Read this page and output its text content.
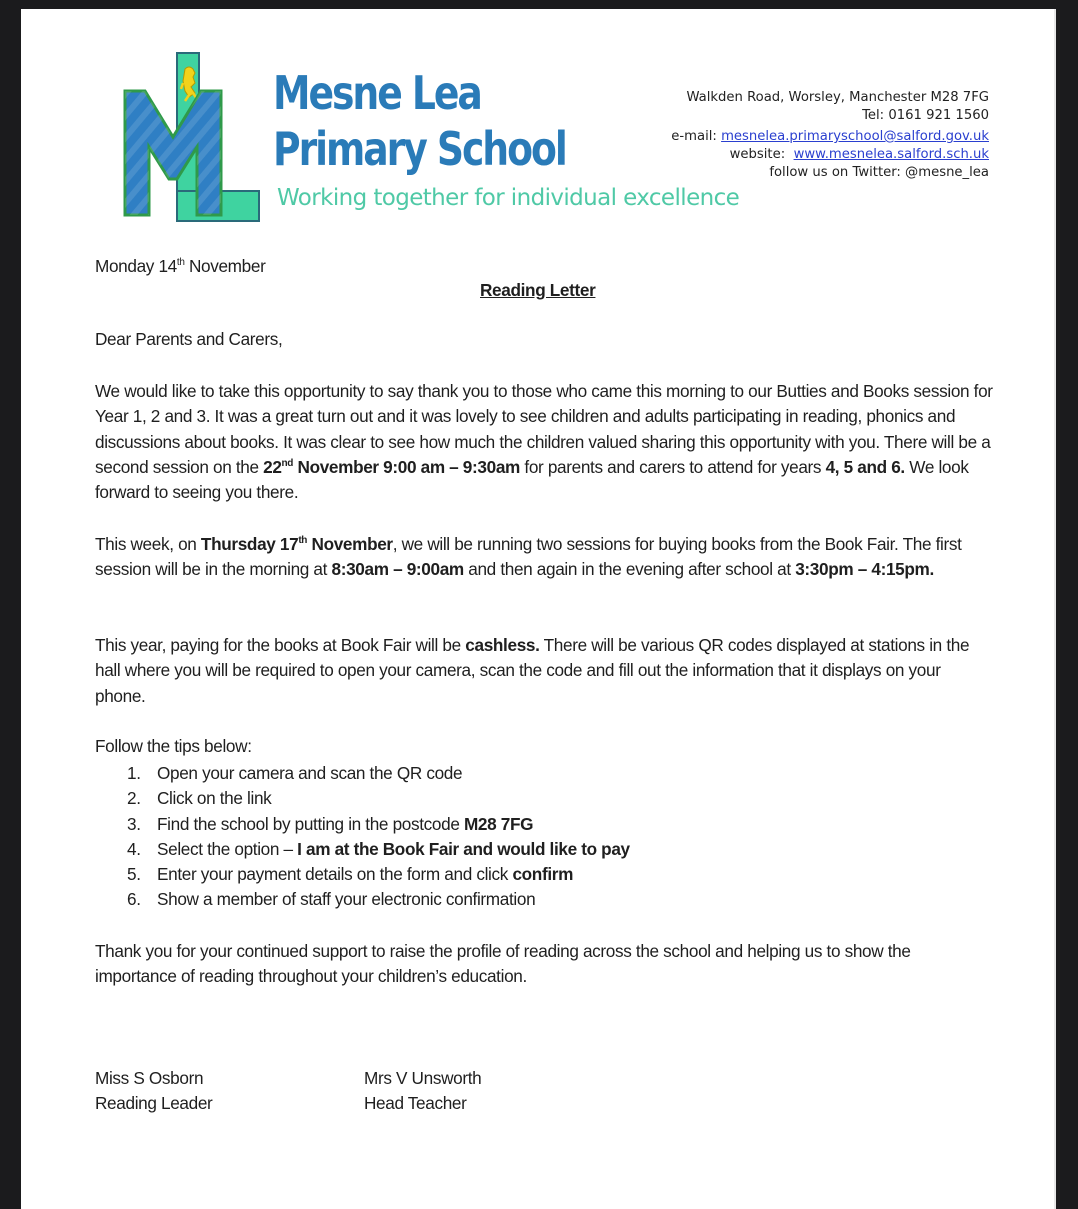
Mesne Lea
Primary School
Working together for individual excellence
Walkden Road, Worsley, Manchester M28 7FG
Tel: 0161 921 1560
e-mail: mesnelea.primaryschool@salford.gov.uk
website: www.mesnelea.salford.sch.uk
follow us on Twitter: @mesne_lea
Monday 14th November
Reading Letter
Dear Parents and Carers,
We would like to take this opportunity to say thank you to those who came this morning to our Butties and Books session for Year 1, 2 and 3. It was a great turn out and it was lovely to see children and adults participating in reading, phonics and discussions about books. It was clear to see how much the children valued sharing this opportunity with you. There will be a second session on the 22nd November 9:00 am – 9:30am for parents and carers to attend for years 4, 5 and 6. We look forward to seeing you there.
This week, on Thursday 17th November, we will be running two sessions for buying books from the Book Fair. The first session will be in the morning at 8:30am – 9:00am and then again in the evening after school at 3:30pm – 4:15pm.
This year, paying for the books at Book Fair will be cashless. There will be various QR codes displayed at stations in the hall where you will be required to open your camera, scan the code and fill out the information that it displays on your phone.
Follow the tips below:
1. Open your camera and scan the QR code
2. Click on the link
3. Find the school by putting in the postcode M28 7FG
4. Select the option – I am at the Book Fair and would like to pay
5. Enter your payment details on the form and click confirm
6. Show a member of staff your electronic confirmation
Thank you for your continued support to raise the profile of reading across the school and helping us to show the importance of reading throughout your children’s education.
Miss S Osborn
Reading Leader
Mrs V Unsworth
Head Teacher
